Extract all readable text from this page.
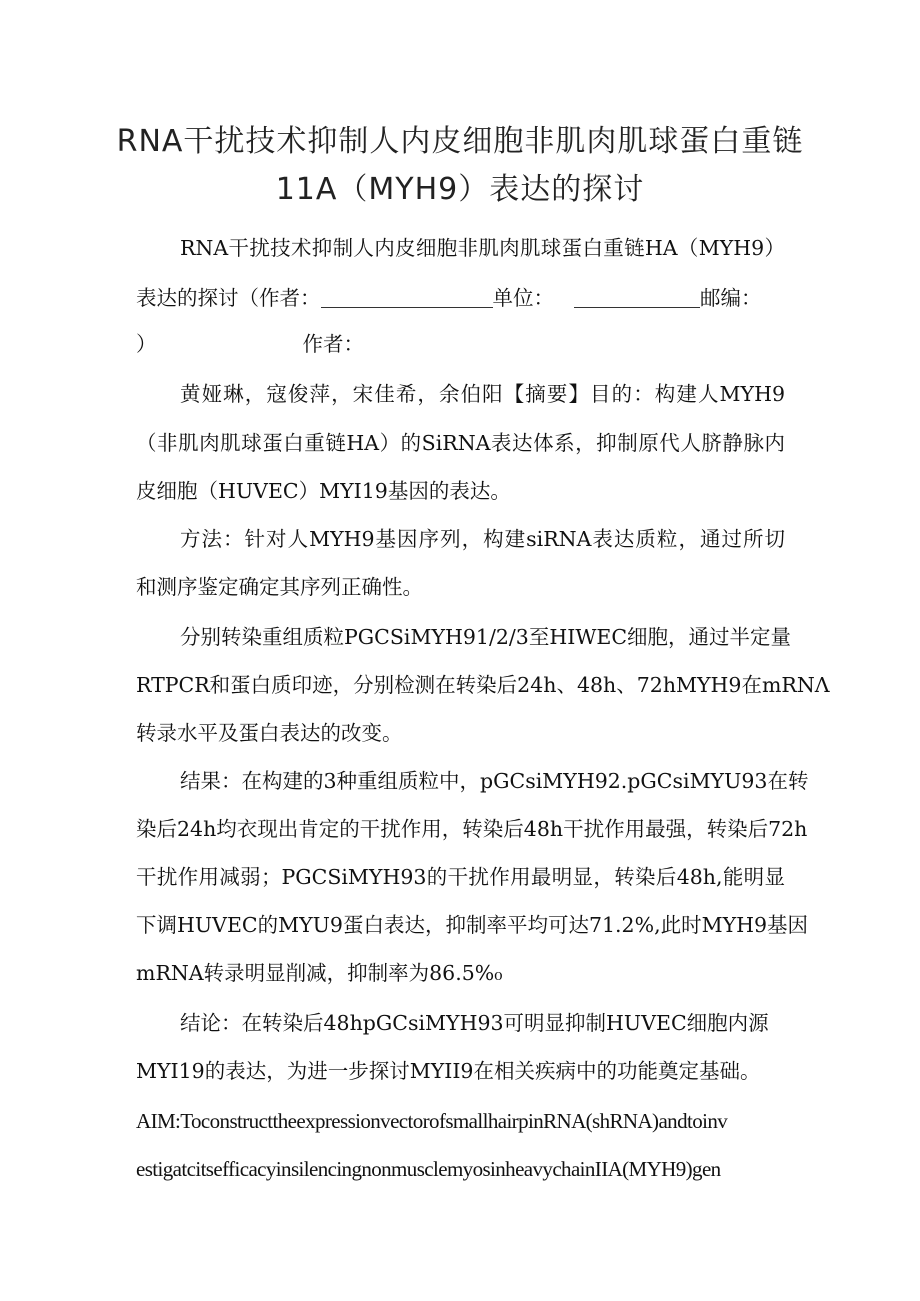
RNA干扰技术抑制人内皮细胞非肌肉肌球蛋白重链
11A（MYH9）表达的探讨
RNA干扰技术抑制人内皮细胞非肌肉肌球蛋白重链HA（MYH9）
表达的探讨（作者：	单位：	邮编：
）	作者：
黄娅琳，寇俊萍，宋佳希，余伯阳【摘要】目的：构建人MYH9
（非肌肉肌球蛋白重链HA）的SiRNA表达体系，抑制原代人脐静脉内
皮细胞（HUVEC）MYI19基因的表达。
方法：针对人MYH9基因序列，构建siRNA表达质粒，通过所切
和测序鉴定确定其序列正确性。
分别转染重组质粒PGCSiMYH91/2/3至HIWEC细胞，通过半定量
RTPCR和蛋白质印迹，分别检测在转染后24h、48h、72hMYH9在mRNΛ
转录水平及蛋白表达的改变。
结果：在构建的3种重组质粒中，pGCsiMYH92.pGCsiMYU93在转
染后24h均衣现出肯定的干扰作用，转染后48h干扰作用最强，转染后72h
干扰作用减弱；PGCSiMYH93的干扰作用最明显，转染后48h,能明显
下调HUVEC的MYU9蛋白表达，抑制率平均可达71.2%,此时MYH9基因
mRNA转录明显削减，抑制率为86.5%₀
结论：在转染后48hpGCsiMYH93可明显抑制HUVEC细胞内源
MYI19的表达，为进一步探讨MYII9在相关疾病中的功能奠定基础。
AIM:ToconstructtheexpressionvectorofsmallhairpinRNA(shRNA)andtoinv
estigatcitsefficacyinsilencingnonmusclemyosinheavychainIIA(MYH9)gen
